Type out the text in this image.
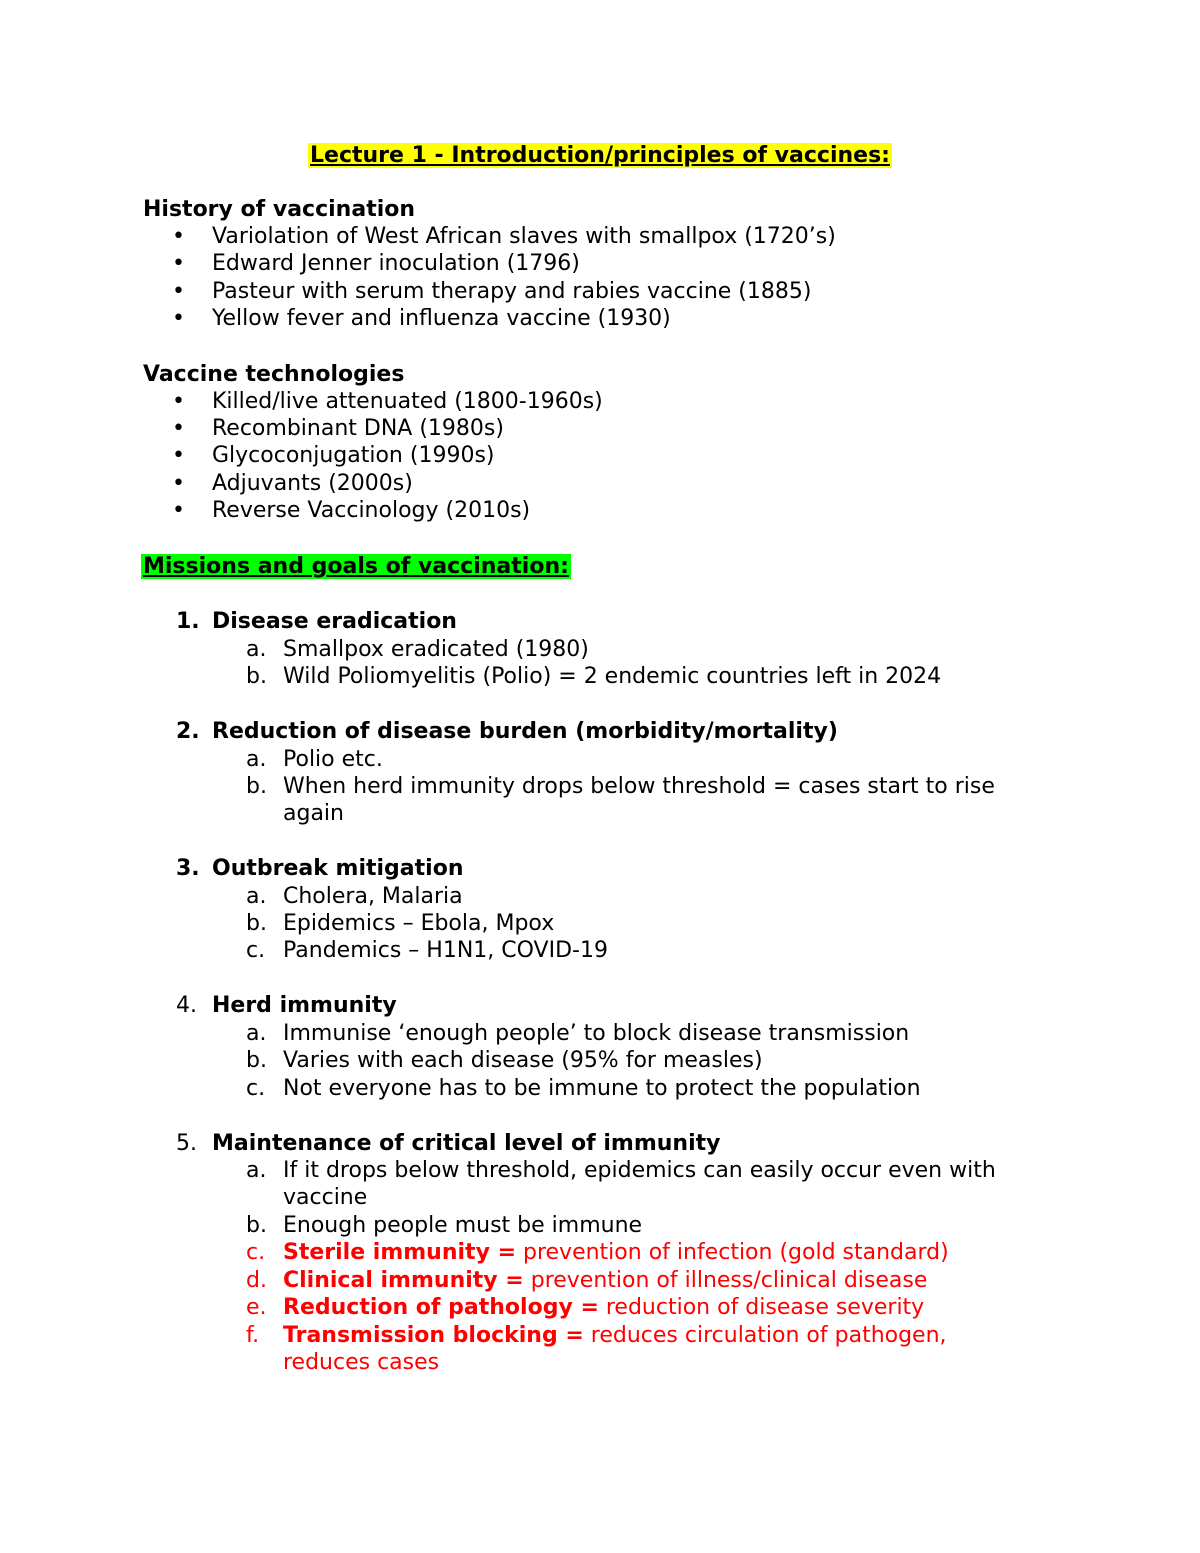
Lecture 1 - Introduction/principles of vaccines:
History of vaccination
•
Variolation of West African slaves with smallpox (1720’s)
•
Edward Jenner inoculation (1796)
•
Pasteur with serum therapy and rabies vaccine (1885)
•
Yellow fever and influenza vaccine (1930)
Vaccine technologies
•
Killed/live attenuated (1800-1960s)
•
Recombinant DNA (1980s)
•
Glycoconjugation (1990s)
•
Adjuvants (2000s)
•
Reverse Vaccinology (2010s)
Missions and goals of vaccination:
1. Disease eradication
a. Smallpox eradicated (1980)
b. Wild Poliomyelitis (Polio) = 2 endemic countries left in 2024
2. Reduction of disease burden (morbidity/mortality)
a. Polio etc.
b. When herd immunity drops below threshold = cases start to rise
again
3. Outbreak mitigation
a. Cholera, Malaria
b. Epidemics – Ebola, Mpox
c. Pandemics – H1N1, COVID-19
4. Herd immunity
a. Immunise ‘enough people’ to block disease transmission
b. Varies with each disease (95% for measles)
c. Not everyone has to be immune to protect the population
5. Maintenance of critical level of immunity
a. If it drops below threshold, epidemics can easily occur even with
vaccine
b. Enough people must be immune
c. Sterile immunity = prevention of infection (gold standard)
d. Clinical immunity = prevention of illness/clinical disease
e. Reduction of pathology = reduction of disease severity
f. Transmission blocking = reduces circulation of pathogen,
reduces cases
